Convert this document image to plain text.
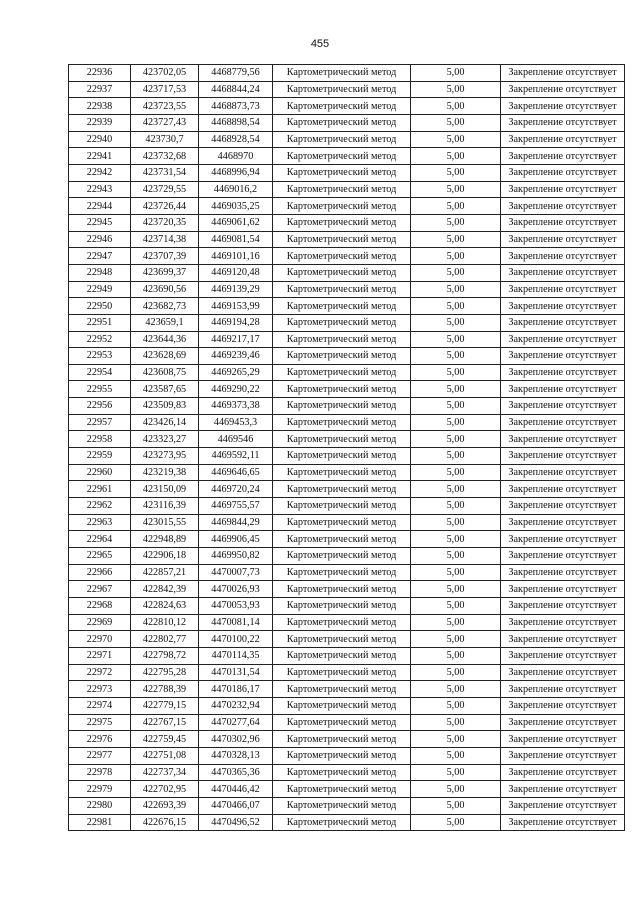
455
22936	423702,05	4468779,56	Картометрический метод	5,00	Закрепление отсутствует
22937	423717,53	4468844,24	Картометрический метод	5,00	Закрепление отсутствует
22938	423723,55	4468873,73	Картометрический метод	5,00	Закрепление отсутствует
22939	423727,43	4468898,54	Картометрический метод	5,00	Закрепление отсутствует
22940	423730,7	4468928,54	Картометрический метод	5,00	Закрепление отсутствует
22941	423732,68	4468970	Картометрический метод	5,00	Закрепление отсутствует
22942	423731,54	4468996,94	Картометрический метод	5,00	Закрепление отсутствует
22943	423729,55	4469016,2	Картометрический метод	5,00	Закрепление отсутствует
22944	423726,44	4469035,25	Картометрический метод	5,00	Закрепление отсутствует
22945	423720,35	4469061,62	Картометрический метод	5,00	Закрепление отсутствует
22946	423714,38	4469081,54	Картометрический метод	5,00	Закрепление отсутствует
22947	423707,39	4469101,16	Картометрический метод	5,00	Закрепление отсутствует
22948	423699,37	4469120,48	Картометрический метод	5,00	Закрепление отсутствует
22949	423690,56	4469139,29	Картометрический метод	5,00	Закрепление отсутствует
22950	423682,73	4469153,99	Картометрический метод	5,00	Закрепление отсутствует
22951	423659,1	4469194,28	Картометрический метод	5,00	Закрепление отсутствует
22952	423644,36	4469217,17	Картометрический метод	5,00	Закрепление отсутствует
22953	423628,69	4469239,46	Картометрический метод	5,00	Закрепление отсутствует
22954	423608,75	4469265,29	Картометрический метод	5,00	Закрепление отсутствует
22955	423587,65	4469290,22	Картометрический метод	5,00	Закрепление отсутствует
22956	423509,83	4469373,38	Картометрический метод	5,00	Закрепление отсутствует
22957	423426,14	4469453,3	Картометрический метод	5,00	Закрепление отсутствует
22958	423323,27	4469546	Картометрический метод	5,00	Закрепление отсутствует
22959	423273,95	4469592,11	Картометрический метод	5,00	Закрепление отсутствует
22960	423219,38	4469646,65	Картометрический метод	5,00	Закрепление отсутствует
22961	423150,09	4469720,24	Картометрический метод	5,00	Закрепление отсутствует
22962	423116,39	4469755,57	Картометрический метод	5,00	Закрепление отсутствует
22963	423015,55	4469844,29	Картометрический метод	5,00	Закрепление отсутствует
22964	422948,89	4469906,45	Картометрический метод	5,00	Закрепление отсутствует
22965	422906,18	4469950,82	Картометрический метод	5,00	Закрепление отсутствует
22966	422857,21	4470007,73	Картометрический метод	5,00	Закрепление отсутствует
22967	422842,39	4470026,93	Картометрический метод	5,00	Закрепление отсутствует
22968	422824,63	4470053,93	Картометрический метод	5,00	Закрепление отсутствует
22969	422810,12	4470081,14	Картометрический метод	5,00	Закрепление отсутствует
22970	422802,77	4470100,22	Картометрический метод	5,00	Закрепление отсутствует
22971	422798,72	4470114,35	Картометрический метод	5,00	Закрепление отсутствует
22972	422795,28	4470131,54	Картометрический метод	5,00	Закрепление отсутствует
22973	422788,39	4470186,17	Картометрический метод	5,00	Закрепление отсутствует
22974	422779,15	4470232,94	Картометрический метод	5,00	Закрепление отсутствует
22975	422767,15	4470277,64	Картометрический метод	5,00	Закрепление отсутствует
22976	422759,45	4470302,96	Картометрический метод	5,00	Закрепление отсутствует
22977	422751,08	4470328,13	Картометрический метод	5,00	Закрепление отсутствует
22978	422737,34	4470365,36	Картометрический метод	5,00	Закрепление отсутствует
22979	422702,95	4470446,42	Картометрический метод	5,00	Закрепление отсутствует
22980	422693,39	4470466,07	Картометрический метод	5,00	Закрепление отсутствует
22981	422676,15	4470496,52	Картометрический метод	5,00	Закрепление отсутствует
